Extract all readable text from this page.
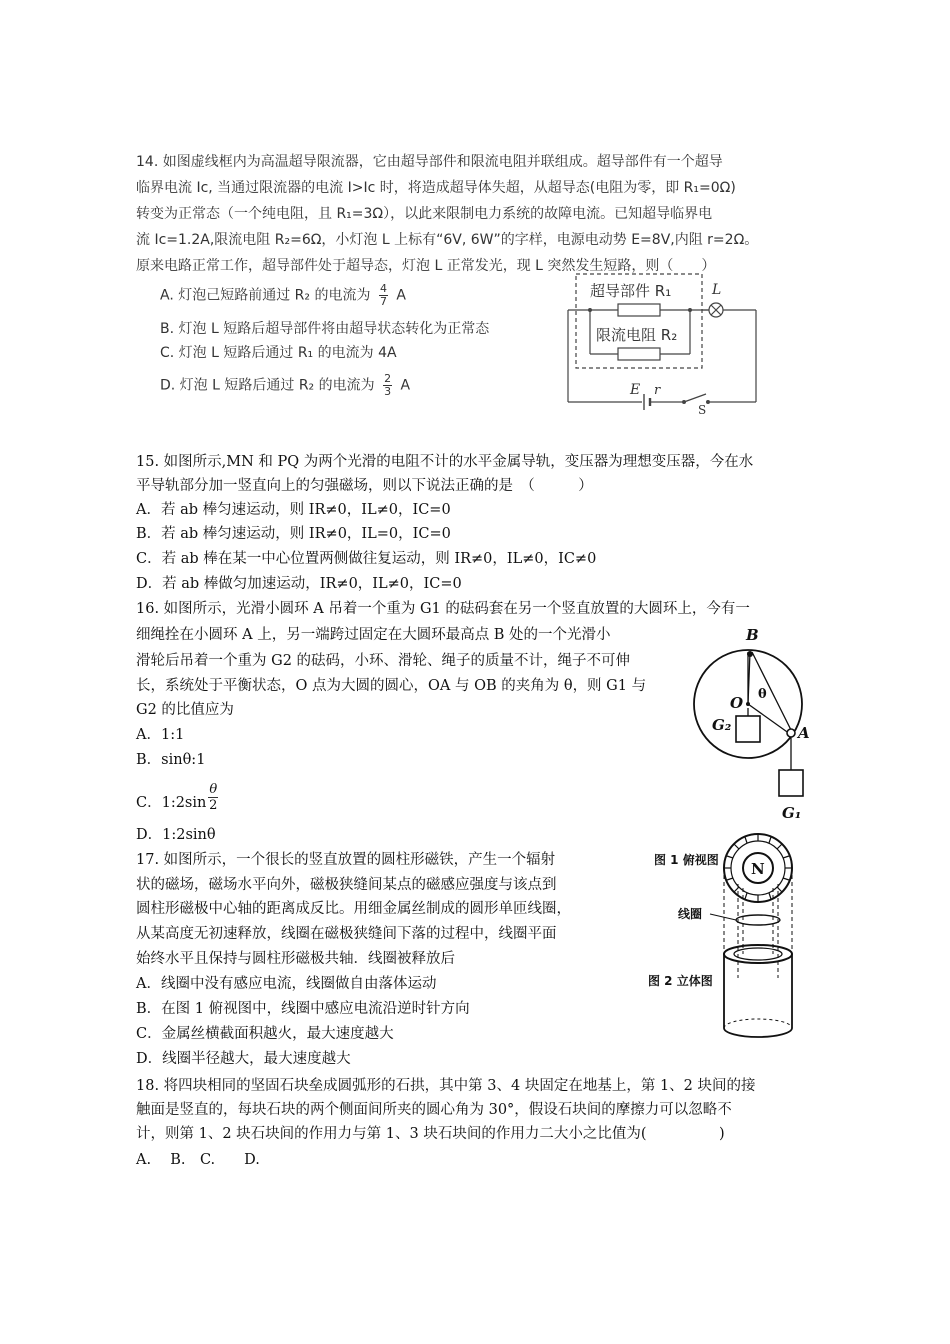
14. 如图虚线框内为高温超导限流器，它由超导部件和限流电阻并联组成。超导部件有一个超导
临界电流 Ic, 当通过限流器的电流 I>Ic 时，将造成超导体失超，从超导态(电阻为零，即 R₁=0Ω)
转变为正常态（一个纯电阻，且 R₁=3Ω），以此来限制电力系统的故障电流。已知超导临界电
流 Ic=1.2A,限流电阻 R₂=6Ω，小灯泡 L 上标有“6V, 6W”的字样，电源电动势 E=8V,内阻 r=2Ω。
原来电路正常工作，超导部件处于超导态，灯泡 L 正常发光，现 L 突然发生短路，则（　　）
A. 灯泡己短路前通过 R₂ 的电流为 $\frac{4}{7}$ A
B. 灯泡 L 短路后超导部件将由超导状态转化为正常态
C. 灯泡 L 短路后通过 R₁ 的电流为 4A
D. 灯泡 L 短路后通过 R₂ 的电流为 $\frac{2}{3}$ A
超导部件 R₁
限流电阻 R₂
L
E r
S
15. 如图所示,MN 和 PQ 为两个光滑的电阻不计的水平金属导轨，变压器为理想变压器，今在水
平导轨部分加一竖直向上的匀强磁场，则以下说法正确的是　（　　　）
A．若 ab 棒匀速运动，则 IR≠0，IL≠0，IC=0
B．若 ab 棒匀速运动，则 IR≠0，IL=0，IC=0
C．若 ab 棒在某一中心位置两侧做往复运动，则 IR≠0，IL≠0，IC≠0
D．若 ab 棒做匀加速运动，IR≠0，IL≠0，IC=0
16. 如图所示，光滑小圆环 A 吊着一个重为 G1 的砝码套在另一个竖直放置的大圆环上，今有一
细绳拴在小圆环 A 上，另一端跨过固定在大圆环最高点 B 处的一个光滑小
滑轮后吊着一个重为 G2 的砝码，小环、滑轮、绳子的质量不计，绳子不可伸
长，系统处于平衡状态，O 点为大圆的圆心，OA 与 OB 的夹角为 θ，则 G1 与
G2 的比值应为
A．1:1
B．sinθ:1
C．1:2sin $\frac{\theta}{2}$
D．1:2sinθ
B
O θ
A
G₂
G₁
17. 如图所示，一个很长的竖直放置的圆柱形磁铁，产生一个辐射
状的磁场，磁场水平向外，磁极狭缝间某点的磁感应强度与该点到
圆柱形磁极中心轴的距离成反比。用细金属丝制成的圆形单匝线圈，
从某高度无初速释放，线圈在磁极狭缝间下落的过程中，线圈平面
始终水平且保持与圆柱形磁极共轴．线圈被释放后
A．线圈中没有感应电流，线圈做自由落体运动
B．在图 1 俯视图中，线圈中感应电流沿逆时针方向
C．金属丝横截面积越火，最大速度越大
D．线圈半径越大，最大速度越大
N
图 1 俯视图
线圈
图 2 立体图
18. 将四块相同的坚固石块垒成圆弧形的石拱，其中第 3、4 块固定在地基上，第 1、2 块间的接
触面是竖直的，每块石块的两个侧面间所夹的圆心角为 30°，假设石块间的摩擦力可以忽略不
计，则第 1、2 块石块间的作用力与第 1、3 块石块间的作用力二大小之比值为(　　　　　)
A.　 B.　C.　　D.
